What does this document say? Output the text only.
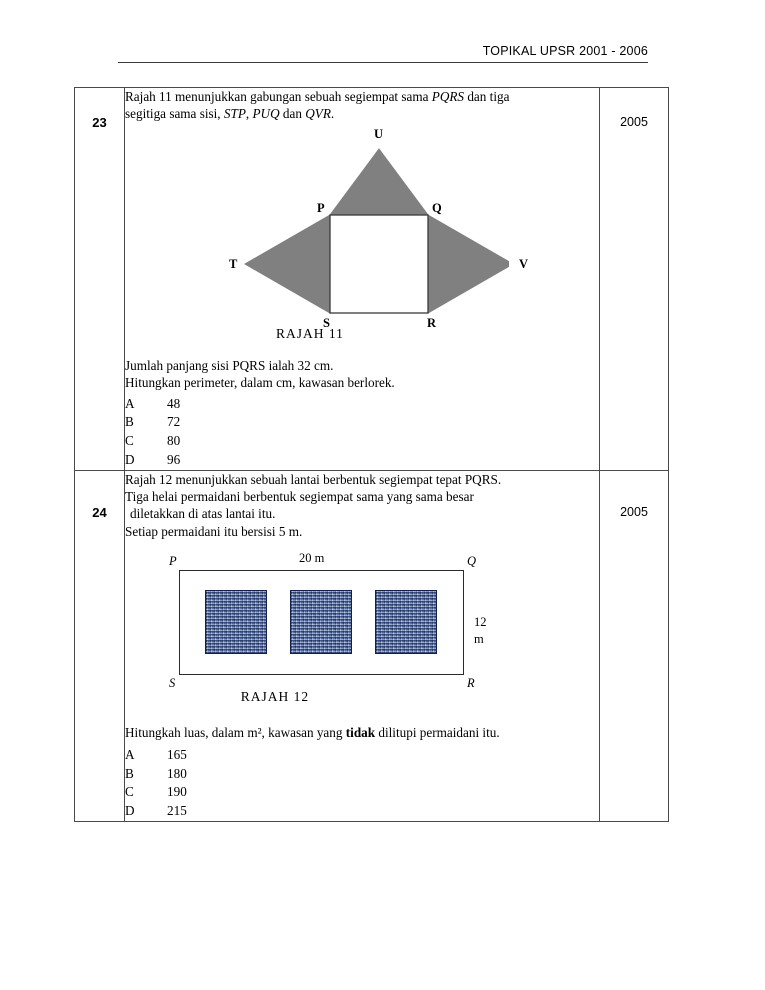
TOPIKAL UPSR 2001 - 2006
23

Rajah 11 menunjukkan gabungan sebuah segiempat sama PQRS dan tiga
segitiga sama sisi, STP, PUQ dan QVR.

U
P	Q
T	V
S	R
RAJAH 11
Jumlah panjang sisi PQRS ialah 32 cm.
Hitungkan perimeter, dalam cm, kawasan berlorek.
A	48
B	72
C	80
D	96

2005

24

Rajah 12 menunjukkan sebuah lantai berbentuk segiempat tepat PQRS.
Tiga helai permaidani berbentuk segiempat sama yang sama besar
diletakkan di atas lantai itu.
Setiap permaidani itu bersisi 5 m.

P	Q
S	R
20 m
12 m
RAJAH 12
Hitungkah luas, dalam m², kawasan yang tidak dilitupi permaidani itu.
A	165
B	180
C	190
D	215

2005
